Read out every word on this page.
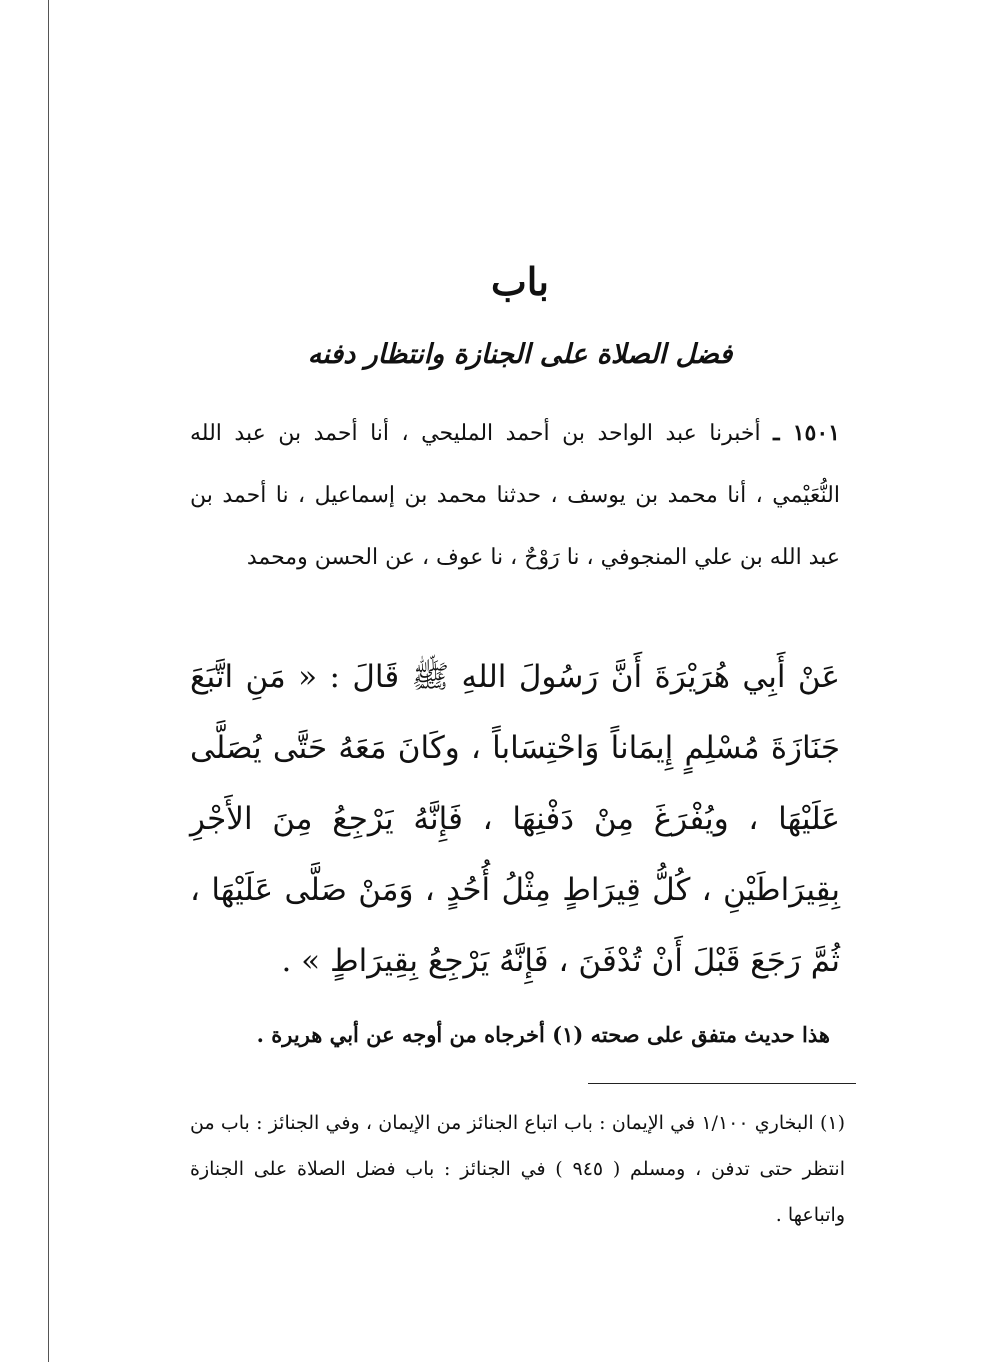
باب
فضل الصلاة على الجنازة وانتظار دفنه
١٥٠١ ـ أخبرنا عبد الواحد بن أحمد المليحي ، أنا أحمد بن عبد الله النُّعَيْمي ، أنا محمد بن يوسف ، حدثنا محمد بن إسماعيل ، نا أحمد بن عبد الله بن علي المنجوفي ، نا رَوْحٌ ، نا عوف ، عن الحسن ومحمد
عَنْ أَبِي هُرَيْرَةَ أَنَّ رَسُولَ اللهِ ﷺ قَالَ : « مَنِ اتَّبَعَ جَنَازَةَ مُسْلِمٍ إِيمَاناً وَاحْتِسَاباً ، وكَانَ مَعَهُ حَتَّى يُصَلَّى عَلَيْهَا ، ويُفْرَغَ مِنْ دَفْنِهَا ، فَإِنَّهُ يَرْجِعُ مِنَ الأَجْرِ بِقِيرَاطَيْنِ ، كُلُّ قِيرَاطٍ مِثْلُ أُحُدٍ ، وَمَنْ صَلَّى عَلَيْهَا ، ثُمَّ رَجَعَ قَبْلَ أَنْ تُدْفَنَ ، فَإِنَّهُ يَرْجِعُ بِقِيرَاطٍ » .
هذا حديث متفق على صحته (١) أخرجاه من أوجه عن أبي هريرة .
(١) البخاري ١/١٠٠ في الإيمان : باب اتباع الجنائز من الإيمان ، وفي الجنائز : باب من انتظر حتى تدفن ، ومسلم ( ٩٤٥ ) في الجنائز : باب فضل الصلاة على الجنازة واتباعها .
